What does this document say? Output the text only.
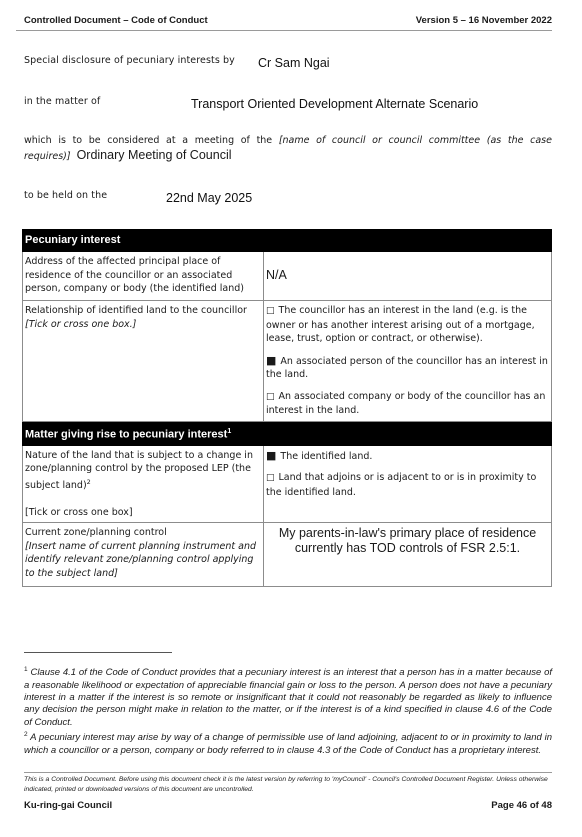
Controlled Document – Code of Conduct	Version 5 – 16 November 2022
Special disclosure of pecuniary interests by Cr Sam Ngai
in the matter of	Transport Oriented Development Alternate Scenario
which is to be considered at a meeting of the [name of council or council committee (as the case requires)] Ordinary Meeting of Council
to be held on the	22nd May 2025
Pecuniary interest	
Address of the affected principal place of residence of the councillor or an associated person, company or body (the identified land)	N/A
Relationship of identified land to the councillor [Tick or cross one box.]	□ The councillor has an interest in the land (e.g. is the owner or has another interest arising out of a mortgage, lease, trust, option or contract, or otherwise).
■ An associated person of the councillor has an interest in the land.
□ An associated company or body of the councillor has an interest in the land.

Matter giving rise to pecuniary interest$^1$
Nature of the land that is subject to a change in zone/planning control by the proposed LEP (the subject land)$^2$

[Tick or cross one box]	■ The identified land.
□ Land that adjoins or is adjacent to or is in proximity to the identified land.

Current zone/planning control
[Insert name of current planning instrument and identify relevant zone/planning control applying to the subject land]	My parents-in-law's primary place of residence currently has TOD controls of FSR 2.5:1.
$^1$ Clause 4.1 of the Code of Conduct provides that a pecuniary interest is an interest that a person has in a matter because of a reasonable likelihood or expectation of appreciable financial gain or loss to the person. A person does not have a pecuniary interest in a matter if the interest is so remote or insignificant that it could not reasonably be regarded as likely to influence any decision the person might make in relation to the matter, or if the interest is of a kind specified in clause 4.6 of the Code of Conduct.
$^2$ A pecuniary interest may arise by way of a change of permissible use of land adjoining, adjacent to or in proximity to land in which a councillor or a person, company or body referred to in clause 4.3 of the Code of Conduct has a proprietary interest.
This is a Controlled Document. Before using this document check it is the latest version by referring to 'myCouncil' - Council's Controlled Document Register. Unless otherwise indicated, printed or downloaded versions of this document are uncontrolled.
Ku-ring-gai Council	Page 46 of 48
